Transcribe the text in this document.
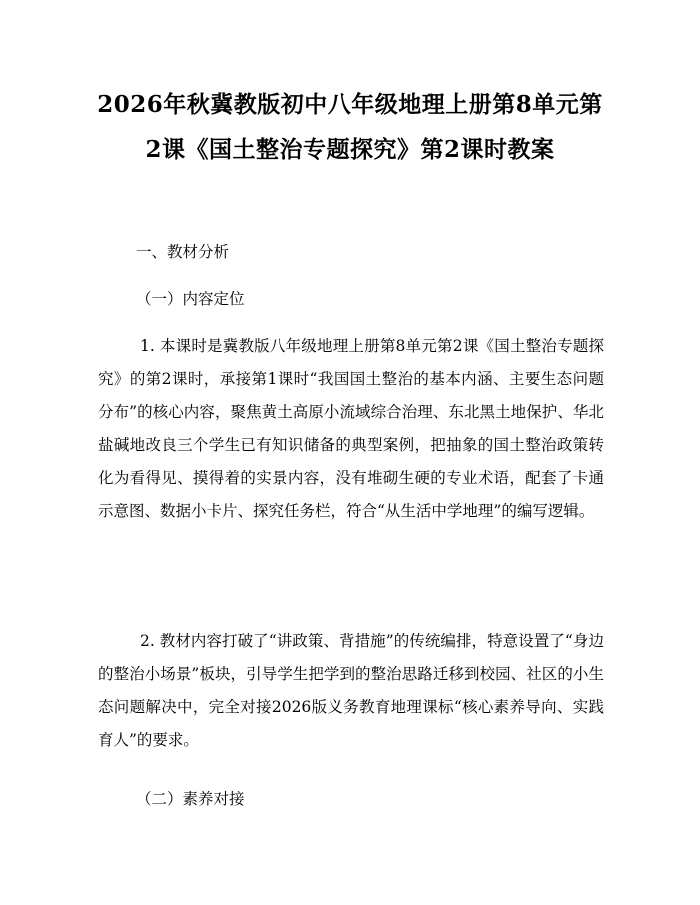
2026年秋冀教版初中八年级地理上册第8单元第2课《国土整治专题探究》第2课时教案

一、教材分析

（一）内容定位

1. 本课时是冀教版八年级地理上册第8单元第2课《国土整治专题探究》的第2课时，承接第1课时“我国国土整治的基本内涵、主要生态问题分布”的核心内容，聚焦黄土高原小流域综合治理、东北黑土地保护、华北盐碱地改良三个学生已有知识储备的典型案例，把抽象的国土整治政策转化为看得见、摸得着的实景内容，没有堆砌生硬的专业术语，配套了卡通示意图、数据小卡片、探究任务栏，符合“从生活中学地理”的编写逻辑。

2. 教材内容打破了“讲政策、背措施”的传统编排，特意设置了“身边的整治小场景”板块，引导学生把学到的整治思路迁移到校园、社区的小生态问题解决中，完全对接2026版义务教育地理课标“核心素养导向、实践育人”的要求。

（二）素养对接
